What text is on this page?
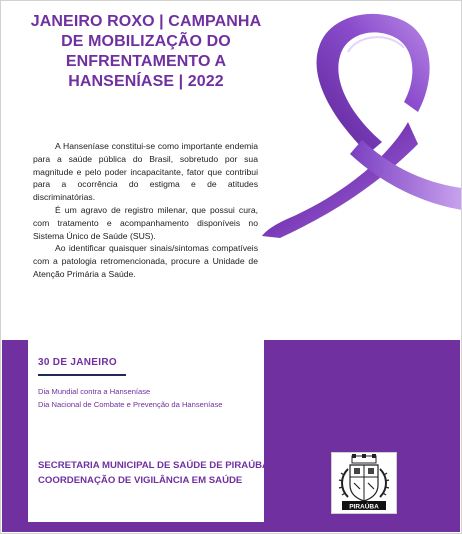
JANEIRO ROXO | CAMPANHA
DE MOBILIZAÇÃO DO
ENFRENTAMENTO A
HANSENÍASE | 2022

A Hanseníase constitui-se como importante endemia para a saúde pública do Brasil, sobretudo por sua magnitude e pelo poder incapacitante, fator que contribui para a ocorrência do estigma e de atitudes discriminatórias.

É um agravo de registro milenar, que possui cura, com tratamento e acompanhamento disponíveis no Sistema Único de Saúde (SUS).

Ao identificar quaisquer sinais/sintomas compatíveis com a patologia retromencionada, procure a Unidade de Atenção Primária a Saúde.

30 DE JANEIRO
Dia Mundial contra a Hanseníase
Dia Nacional de Combate e Prevenção da Hanseníase
SECRETARIA MUNICIPAL DE SAÚDE DE PIRAÚBA
COORDENAÇÃO DE VIGILÂNCIA EM SAÚDE
PIRAÚBA
